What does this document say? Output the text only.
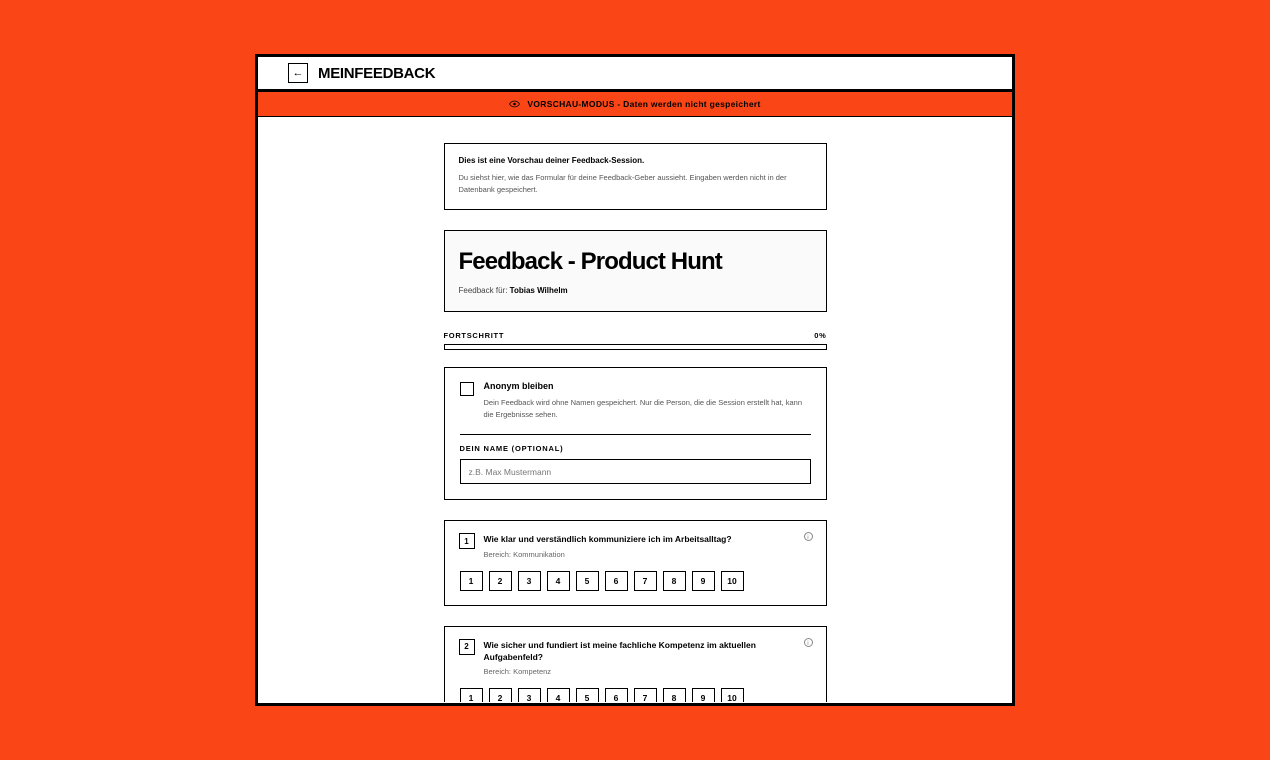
← MEINFEEDBACK
VORSCHAU-MODUS - Daten werden nicht gespeichert
Dies ist eine Vorschau deiner Feedback-Session.
Du siehst hier, wie das Formular für deine Feedback-Geber aussieht. Eingaben werden nicht in der Datenbank gespeichert.
Feedback - Product Hunt
Feedback für: Tobias Wilhelm
FORTSCHRITT	0%
Anonym bleiben
Dein Feedback wird ohne Namen gespeichert. Nur die Person, die die Session erstellt hat, kann die Ergebnisse sehen.
DEIN NAME (OPTIONAL)
z.B. Max Mustermann
i
1	Wie klar und verständlich kommuniziere ich im Arbeitsalltag?
Bereich: Kommunikation
1	2	3	4	5	6	7	8	9	10
i
2	Wie sicher und fundiert ist meine fachliche Kompetenz im aktuellen Aufgabenfeld?
Bereich: Kompetenz
1	2	3	4	5	6	7	8	9	10
